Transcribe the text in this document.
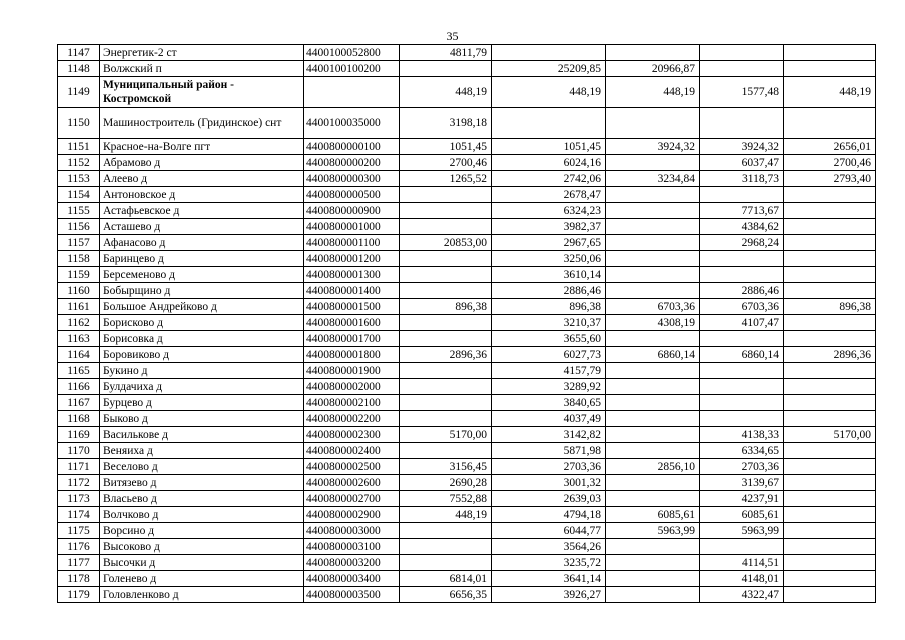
35
1147	Энергетик-2 ст	4400100052800	4811,79				
1148	Волжский п	4400100100200		25209,85	20966,87		
1149	Муниципальный район - Костромской		448,19	448,19	448,19	1577,48	448,19
1150	Машиностроитель (Гридинское) снт	4400100035000	3198,18				
1151	Красное-на-Волге пгт	4400800000100	1051,45	1051,45	3924,32	3924,32	2656,01
1152	Абрамово д	4400800000200	2700,46	6024,16		6037,47	2700,46
1153	Алеево д	4400800000300	1265,52	2742,06	3234,84	3118,73	2793,40
1154	Антоновское д	4400800000500		2678,47			
1155	Астафьевское д	4400800000900		6324,23		7713,67	
1156	Асташево д	4400800001000		3982,37		4384,62	
1157	Афанасово д	4400800001100	20853,00	2967,65		2968,24	
1158	Баринцево д	4400800001200		3250,06			
1159	Берсеменово д	4400800001300		3610,14			
1160	Бобырщино д	4400800001400		2886,46		2886,46	
1161	Большое Андрейково д	4400800001500	896,38	896,38	6703,36	6703,36	896,38
1162	Борисково д	4400800001600		3210,37	4308,19	4107,47	
1163	Борисовка д	4400800001700		3655,60			
1164	Боровиково д	4400800001800	2896,36	6027,73	6860,14	6860,14	2896,36
1165	Букино д	4400800001900		4157,79			
1166	Булдачиха д	4400800002000		3289,92			
1167	Бурцево д	4400800002100		3840,65			
1168	Быково д	4400800002200		4037,49			
1169	Василькове д	4400800002300	5170,00	3142,82		4138,33	5170,00
1170	Веняиха д	4400800002400		5871,98		6334,65	
1171	Веселово д	4400800002500	3156,45	2703,36	2856,10	2703,36	
1172	Витязево д	4400800002600	2690,28	3001,32		3139,67	
1173	Власьево д	4400800002700	7552,88	2639,03		4237,91	
1174	Волчково д	4400800002900	448,19	4794,18	6085,61	6085,61	
1175	Ворсино д	4400800003000		6044,77	5963,99	5963,99	
1176	Высоково д	4400800003100		3564,26			
1177	Высочки д	4400800003200		3235,72		4114,51	
1178	Голенево д	4400800003400	6814,01	3641,14		4148,01	
1179	Головленково д	4400800003500	6656,35	3926,27		4322,47	
